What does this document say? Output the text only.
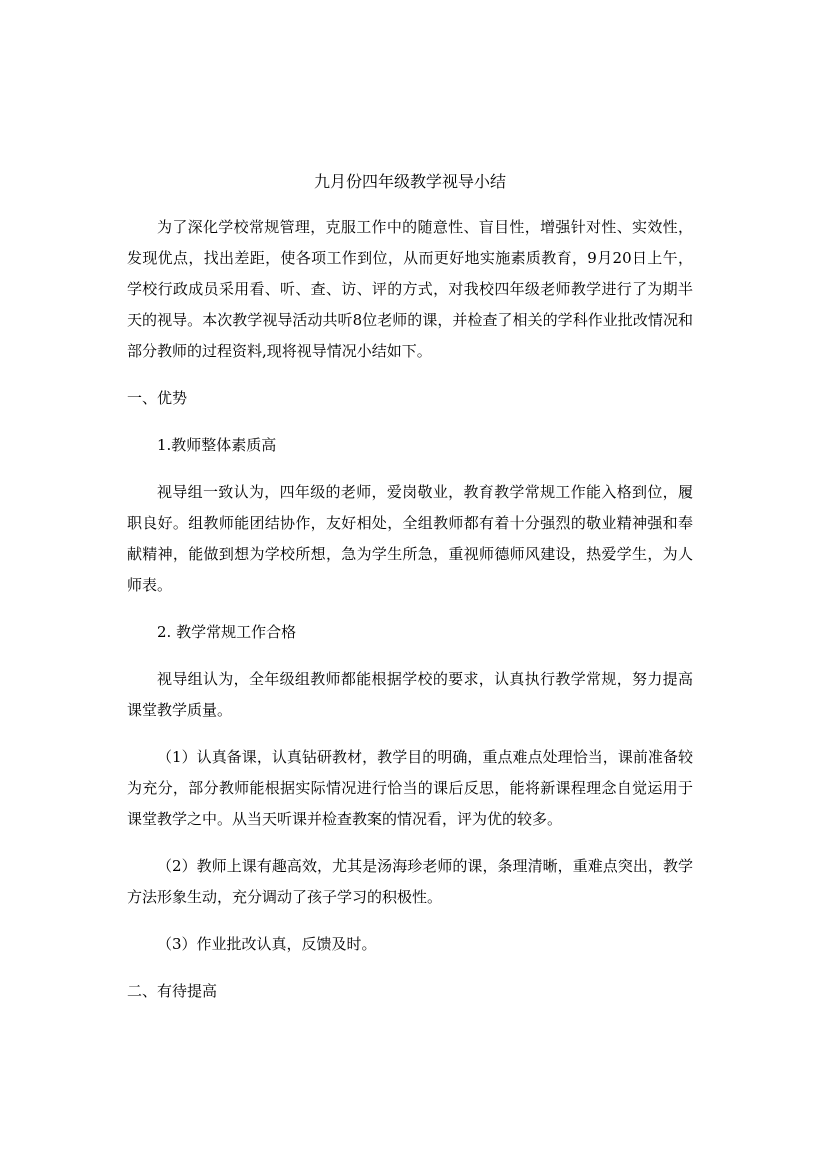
九月份四年级教学视导小结

为了深化学校常规管理，克服工作中的随意性、盲目性，增强针对性、实效性，发现优点，找出差距，使各项工作到位，从而更好地实施素质教育，9月20日上午，学校行政成员采用看、听、查、访、评的方式，对我校四年级老师教学进行了为期半天的视导。本次教学视导活动共听8位老师的课，并检查了相关的学科作业批改情况和部分教师的过程资料,现将视导情况小结如下。

一、优势

1.教师整体素质高

视导组一致认为，四年级的老师，爱岗敬业，教育教学常规工作能入格到位，履职良好。组教师能团结协作，友好相处，全组教师都有着十分强烈的敬业精神强和奉献精神，能做到想为学校所想，急为学生所急，重视师德师风建设，热爱学生，为人师表。

2. 教学常规工作合格

视导组认为，全年级组教师都能根据学校的要求，认真执行教学常规，努力提高课堂教学质量。

（1）认真备课，认真钻研教材，教学目的明确，重点难点处理恰当，课前准备较为充分，部分教师能根据实际情况进行恰当的课后反思，能将新课程理念自觉运用于课堂教学之中。从当天听课并检查教案的情况看，评为优的较多。

（2）教师上课有趣高效，尤其是汤海珍老师的课，条理清晰，重难点突出，教学方法形象生动，充分调动了孩子学习的积极性。

（3）作业批改认真，反馈及时。

二、有待提高
